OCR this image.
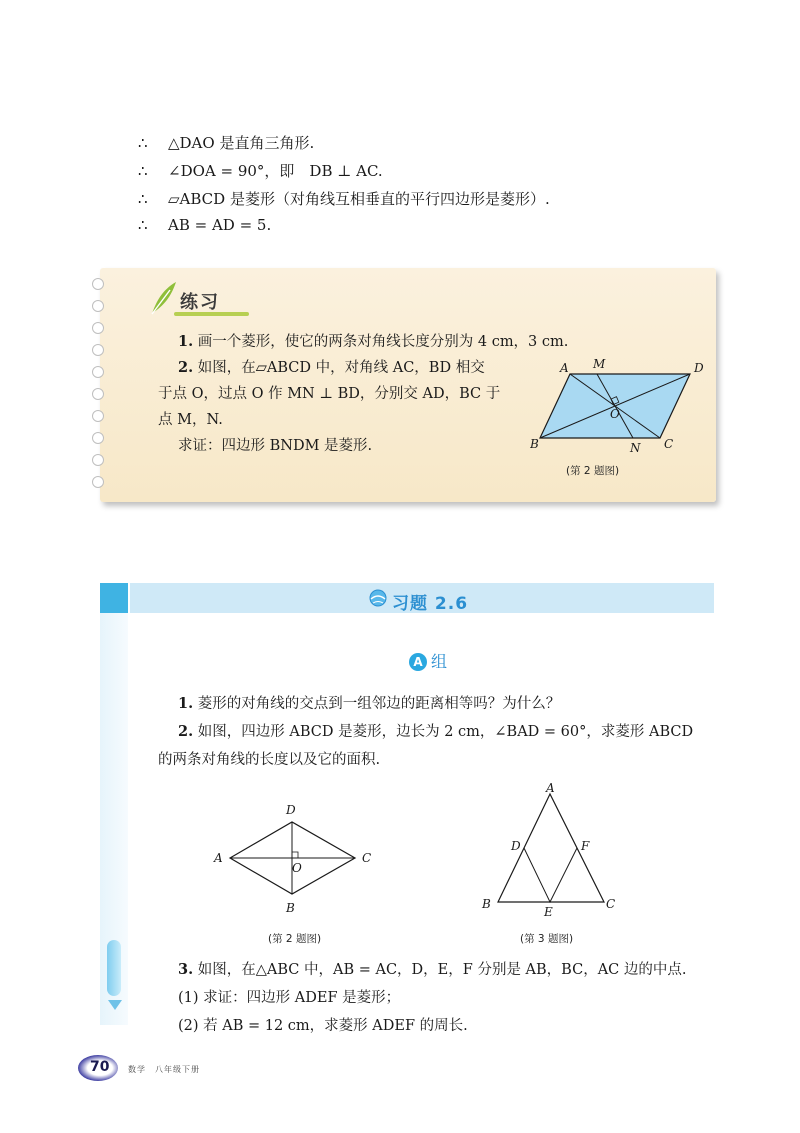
∴ △DAO 是直角三角形.
∴ ∠DOA = 90°，即　DB ⊥ AC.
∴ ▱ABCD 是菱形（对角线互相垂直的平行四边形是菱形）.
∴ AB = AD = 5.
练习
1. 画一个菱形，使它的两条对角线长度分别为 4 cm，3 cm.
2. 如图，在▱ABCD 中，对角线 AC，BD 相交
于点 O，过点 O 作 MN ⊥ BD，分别交 AD，BC 于
点 M，N.
求证：四边形 BNDM 是菱形.
A M	D
O
B	N C
(第 2 题图)
习题 2.6
A 组
1. 菱形的对角线的交点到一组邻边的距离相等吗？为什么？
2. 如图，四边形 ABCD 是菱形，边长为 2 cm，∠BAD = 60°，求菱形 ABCD
的两条对角线的长度以及它的面积.
D
A	C
O
B
(第 2 题图)
A
D	F
B
E
C
(第 3 题图)
3. 如图，在△ABC 中，AB = AC，D，E，F 分别是 AB，BC，AC 边的中点.
(1) 求证：四边形 ADEF 是菱形；
(2) 若 AB = 12 cm，求菱形 ADEF 的周长.
70 数学　八年级下册
